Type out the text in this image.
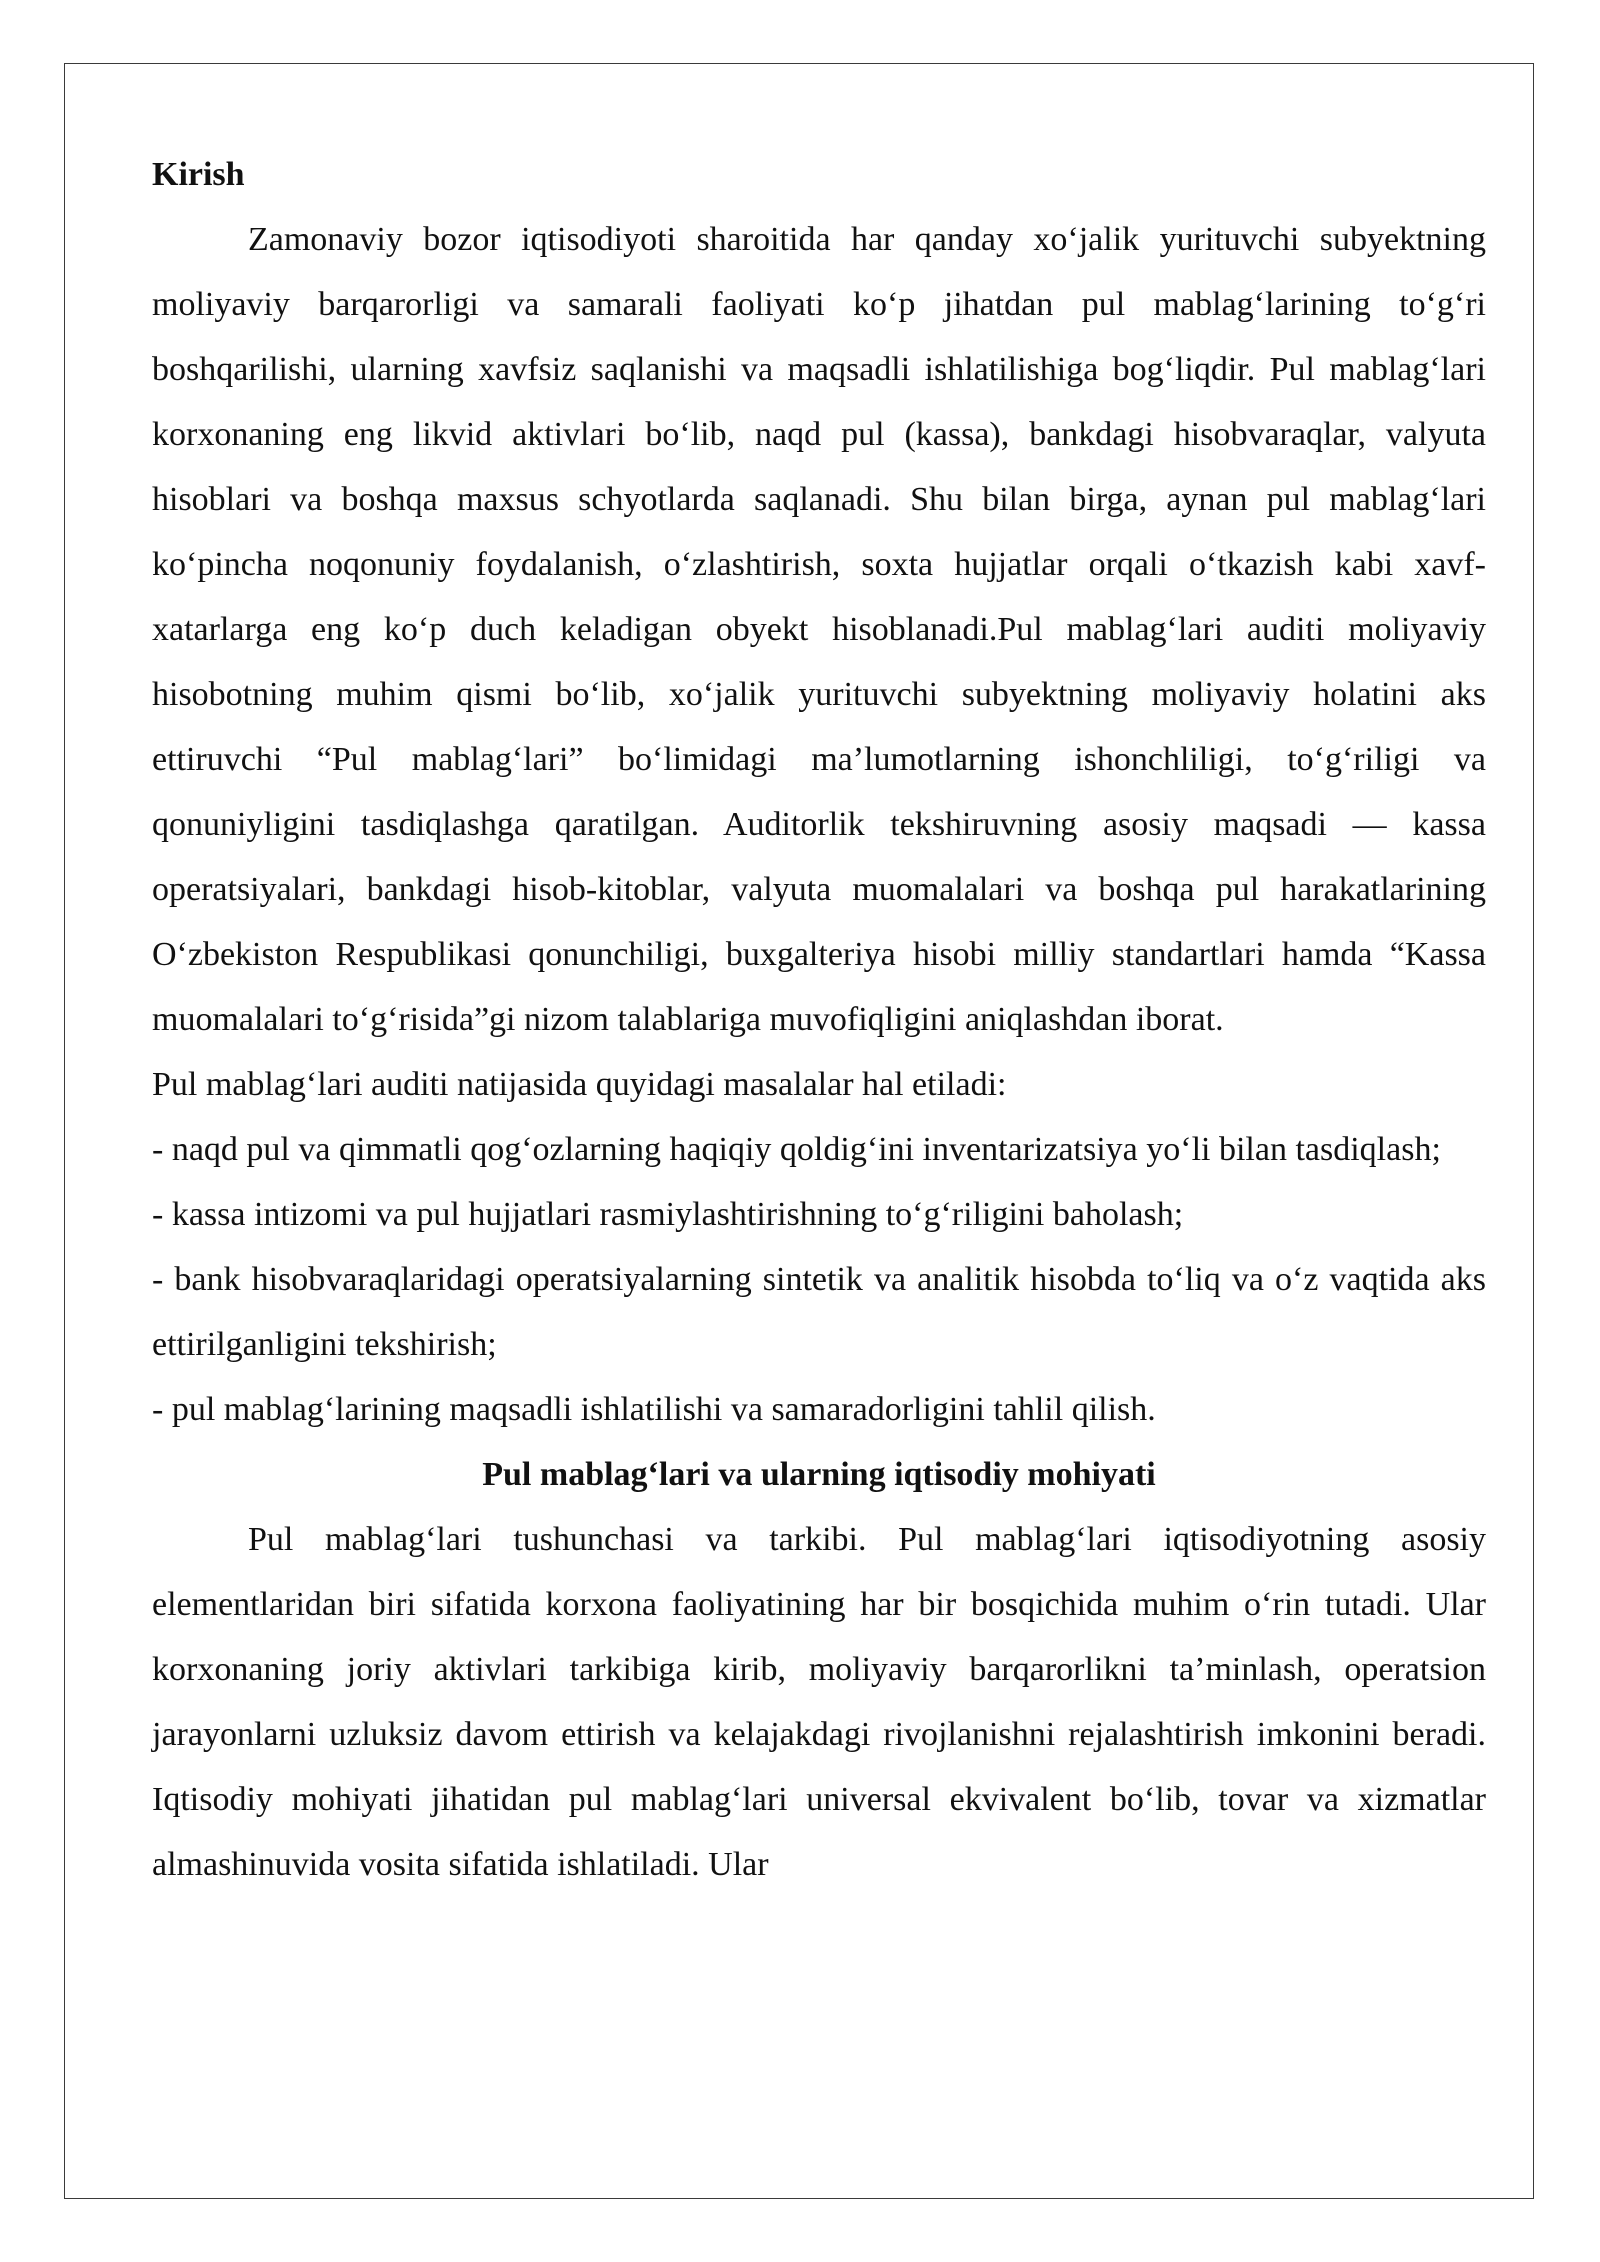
Kirish

Zamonaviy bozor iqtisodiyoti sharoitida har qanday xo‘jalik yurituvchi subyektning moliyaviy barqarorligi va samarali faoliyati ko‘p jihatdan pul mablag‘larining to‘g‘ri boshqarilishi, ularning xavfsiz saqlanishi va maqsadli ishlatilishiga bog‘liqdir. Pul mablag‘lari korxonaning eng likvid aktivlari bo‘lib, naqd pul (kassa), bankdagi hisobvaraqlar, valyuta hisoblari va boshqa maxsus schyotlarda saqlanadi. Shu bilan birga, aynan pul mablag‘lari ko‘pincha noqonuniy foydalanish, o‘zlashtirish, soxta hujjatlar orqali o‘tkazish kabi xavf-xatarlarga eng ko‘p duch keladigan obyekt hisoblanadi.Pul mablag‘lari auditi moliyaviy hisobotning muhim qismi bo‘lib, xo‘jalik yurituvchi subyektning moliyaviy holatini aks ettiruvchi “Pul mablag‘lari” bo‘limidagi ma’lumotlarning ishonchliligi, to‘g‘riligi va qonuniyligini tasdiqlashga qaratilgan. Auditorlik tekshiruvning asosiy maqsadi — kassa operatsiyalari, bankdagi hisob-kitoblar, valyuta muomalalari va boshqa pul harakatlarining O‘zbekiston Respublikasi qonunchiligi, buxgalteriya hisobi milliy standartlari hamda “Kassa muomalalari to‘g‘risida”gi nizom talablariga muvofiqligini aniqlashdan iborat.

Pul mablag‘lari auditi natijasida quyidagi masalalar hal etiladi:

- naqd pul va qimmatli qog‘ozlarning haqiqiy qoldig‘ini inventarizatsiya yo‘li bilan tasdiqlash;

- kassa intizomi va pul hujjatlari rasmiylashtirishning to‘g‘riligini baholash;

- bank hisobvaraqlaridagi operatsiyalarning sintetik va analitik hisobda to‘liq va o‘z vaqtida aks ettirilganligini tekshirish;

- pul mablag‘larining maqsadli ishlatilishi va samaradorligini tahlil qilish.

Pul mablag‘lari va ularning iqtisodiy mohiyati

Pul mablag‘lari tushunchasi va tarkibi. Pul mablag‘lari iqtisodiyotning asosiy elementlaridan biri sifatida korxona faoliyatining har bir bosqichida muhim o‘rin tutadi. Ular korxonaning joriy aktivlari tarkibiga kirib, moliyaviy barqarorlikni ta’minlash, operatsion jarayonlarni uzluksiz davom ettirish va kelajakdagi rivojlanishni rejalashtirish imkonini beradi. Iqtisodiy mohiyati jihatidan pul mablag‘lari universal ekvivalent bo‘lib, tovar va xizmatlar almashinuvida vosita sifatida ishlatiladi. Ular
